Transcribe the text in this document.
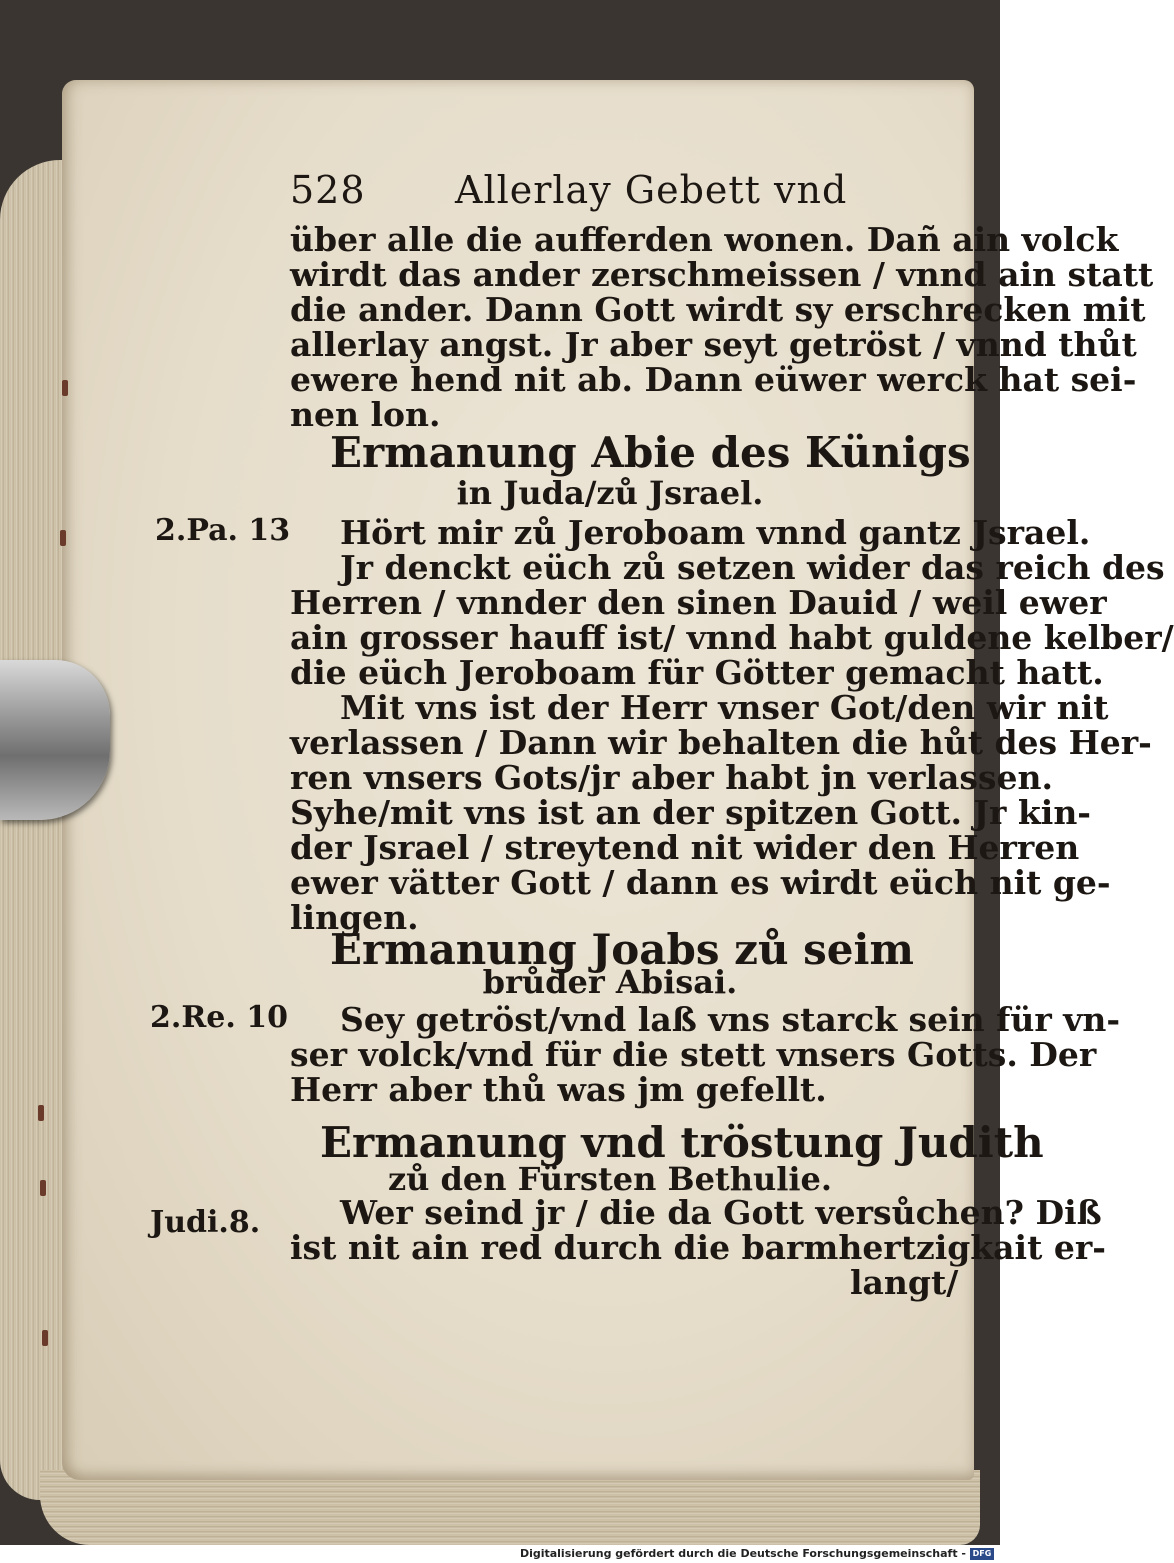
528 Allerlay Gebett vnd
über alle die aufferden wonen. Dañ ain volck
wirdt das ander zerschmeissen / vnnd ain statt
die ander. Dann Gott wirdt sy erschrecken mit
allerlay angst. Jr aber seyt getröst / vnnd thůt
ewere hend nit ab. Dann eüwer werck hat sei-
nen lon.
Ermanung Abie des Künigs
in Juda/zů Jsrael.
2.Pa. 13 Hört mir zů Jeroboam vnnd gantz Jsrael.
Jr denckt eüch zů setzen wider das reich des
Herren / vnnder den sinen Dauid / weil ewer
ain grosser hauff ist/ vnnd habt guldene kelber/
die eüch Jeroboam für Götter gemacht hatt.
Mit vns ist der Herr vnser Got/den wir nit
verlassen / Dann wir behalten die hůt des Her-
ren vnsers Gots/jr aber habt jn verlassen.
Syhe/mit vns ist an der spitzen Gott. Jr kin-
der Jsrael / streytend nit wider den Herren
ewer vätter Gott / dann es wirdt eüch nit ge-
lingen.
Ermanung Joabs zů seim
brůder Abisai.
2.Re. 10 Sey getröst/vnd laß vns starck sein für vn-
ser volck/vnd für die stett vnsers Gotts. Der
Herr aber thů was jm gefellt.
Ermanung vnd tröstung Judith
zů den Fürsten Bethulie.
Judi.8. Wer seind jr / die da Gott versůchen? Diß
ist nit ain red durch die barmhertzigkait er-
langt/
Digitalisierung gefördert durch die Deutsche Forschungsgemeinschaft - DFG
